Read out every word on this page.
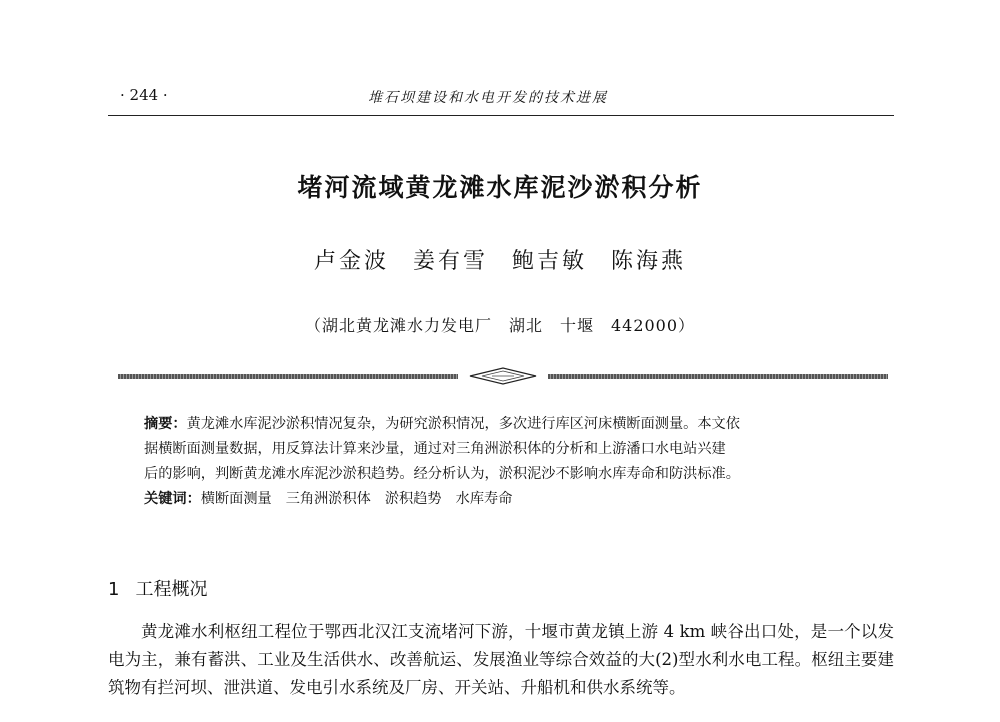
· 244 ·	堆石坝建设和水电开发的技术进展
堵河流域黄龙滩水库泥沙淤积分析
卢金波 姜有雪 鲍吉敏 陈海燕
（湖北黄龙滩水力发电厂　湖北　十堰　442000）
摘要：黄龙滩水库泥沙淤积情况复杂，为研究淤积情况，多次进行库区河床横断面测量。本文依
据横断面测量数据，用反算法计算来沙量，通过对三角洲淤积体的分析和上游潘口水电站兴建
后的影响，判断黄龙滩水库泥沙淤积趋势。经分析认为，淤积泥沙不影响水库寿命和防洪标准。
关键词：横断面测量 三角洲淤积体 淤积趋势 水库寿命
1 工程概况

黄龙滩水利枢纽工程位于鄂西北汉江支流堵河下游，十堰市黄龙镇上游 4 km 峡谷出口处，是一个以发电为主，兼有蓄洪、工业及生活供水、改善航运、发展渔业等综合效益的大(2)型水利水电工程。枢纽主要建筑物有拦河坝、泄洪道、发电引水系统及厂房、开关站、升船机和供水系统等。
